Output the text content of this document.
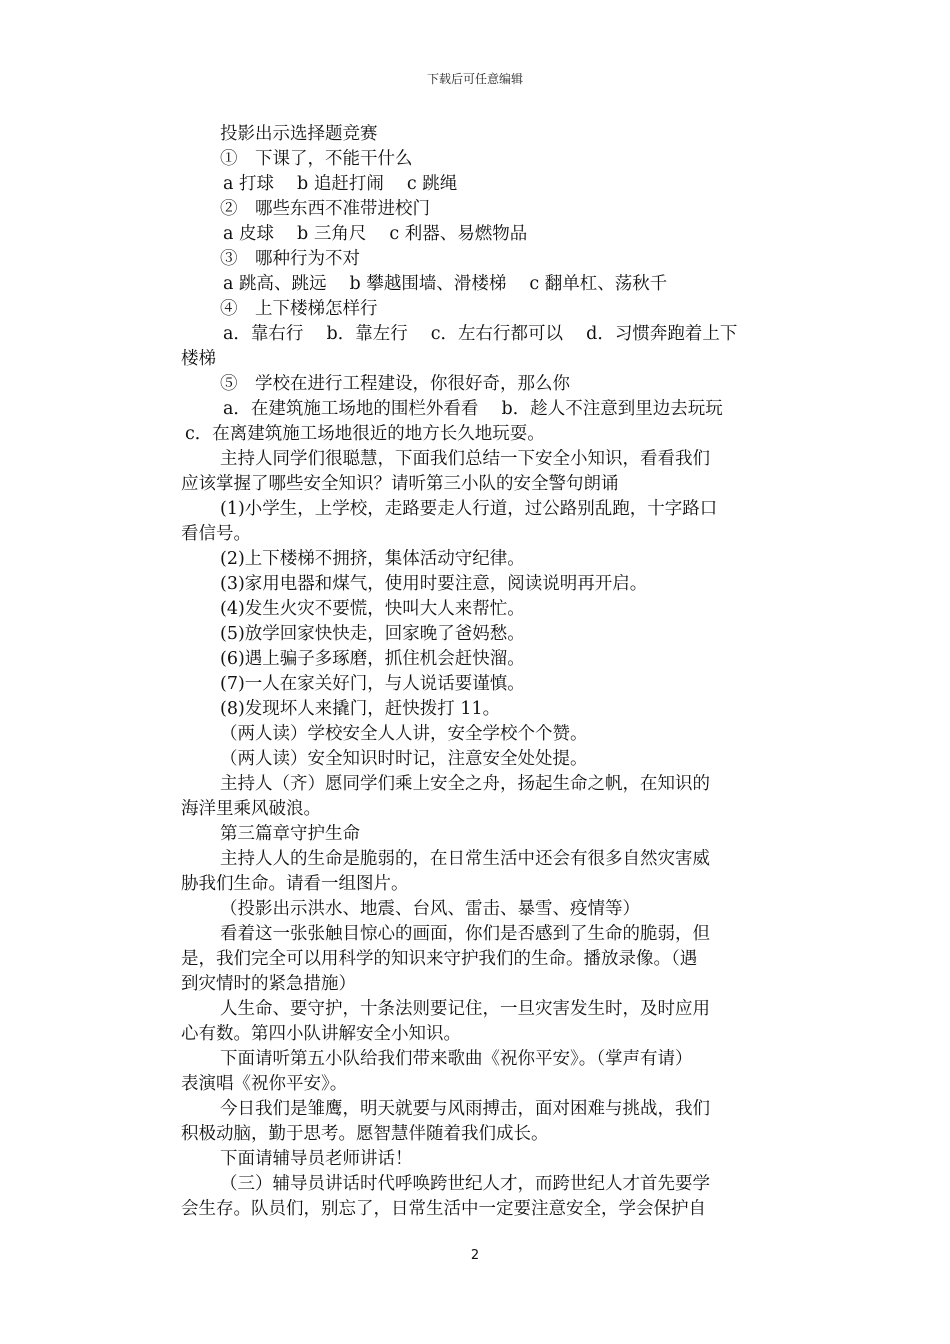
下载后可任意编辑
投影出示选择题竞赛
①　下课了，不能干什么
a 打球　 b 追赶打闹　 c 跳绳
②　哪些东西不准带进校门
a 皮球　 b 三角尺　 c 利器、易燃物品
③　哪种行为不对
a 跳高、跳远　 b 攀越围墙、滑楼梯　 c 翻单杠、荡秋千
④　上下楼梯怎样行
a．靠右行　 b．靠左行　 c．左右行都可以　 d．习惯奔跑着上下
楼梯
⑤　学校在进行工程建设，你很好奇，那么你
a．在建筑施工场地的围栏外看看　 b．趁人不注意到里边去玩玩
c．在离建筑施工场地很近的地方长久地玩耍。
主持人同学们很聪慧，下面我们总结一下安全小知识，看看我们
应该掌握了哪些安全知识？请听第三小队的安全警句朗诵
(1)小学生，上学校，走路要走人行道，过公路别乱跑，十字路口
看信号。
(2)上下楼梯不拥挤，集体活动守纪律。
(3)家用电器和煤气，使用时要注意，阅读说明再开启。
(4)发生火灾不要慌，快叫大人来帮忙。
(5)放学回家快快走，回家晚了爸妈愁。
(6)遇上骗子多琢磨，抓住机会赶快溜。
(7)一人在家关好门，与人说话要谨慎。
(8)发现坏人来撬门，赶快拨打 11。
（两人读）学校安全人人讲，安全学校个个赞。
（两人读）安全知识时时记，注意安全处处提。
主持人（齐）愿同学们乘上安全之舟，扬起生命之帆，在知识的
海洋里乘风破浪。
第三篇章守护生命
主持人人的生命是脆弱的，在日常生活中还会有很多自然灾害威
胁我们生命。请看一组图片。
（投影出示洪水、地震、台风、雷击、暴雪、疫情等）
看着这一张张触目惊心的画面，你们是否感到了生命的脆弱，但
是，我们完全可以用科学的知识来守护我们的生命。播放录像。（遇
到灾情时的紧急措施）
人生命、要守护，十条法则要记住，一旦灾害发生时，及时应用
心有数。第四小队讲解安全小知识。
下面请听第五小队给我们带来歌曲《祝你平安》。（掌声有请）
表演唱《祝你平安》。
今日我们是雏鹰，明天就要与风雨搏击，面对困难与挑战，我们
积极动脑，勤于思考。愿智慧伴随着我们成长。
下面请辅导员老师讲话！
（三）辅导员讲话时代呼唤跨世纪人才，而跨世纪人才首先要学
会生存。队员们，别忘了，日常生活中一定要注意安全，学会保护自
2
